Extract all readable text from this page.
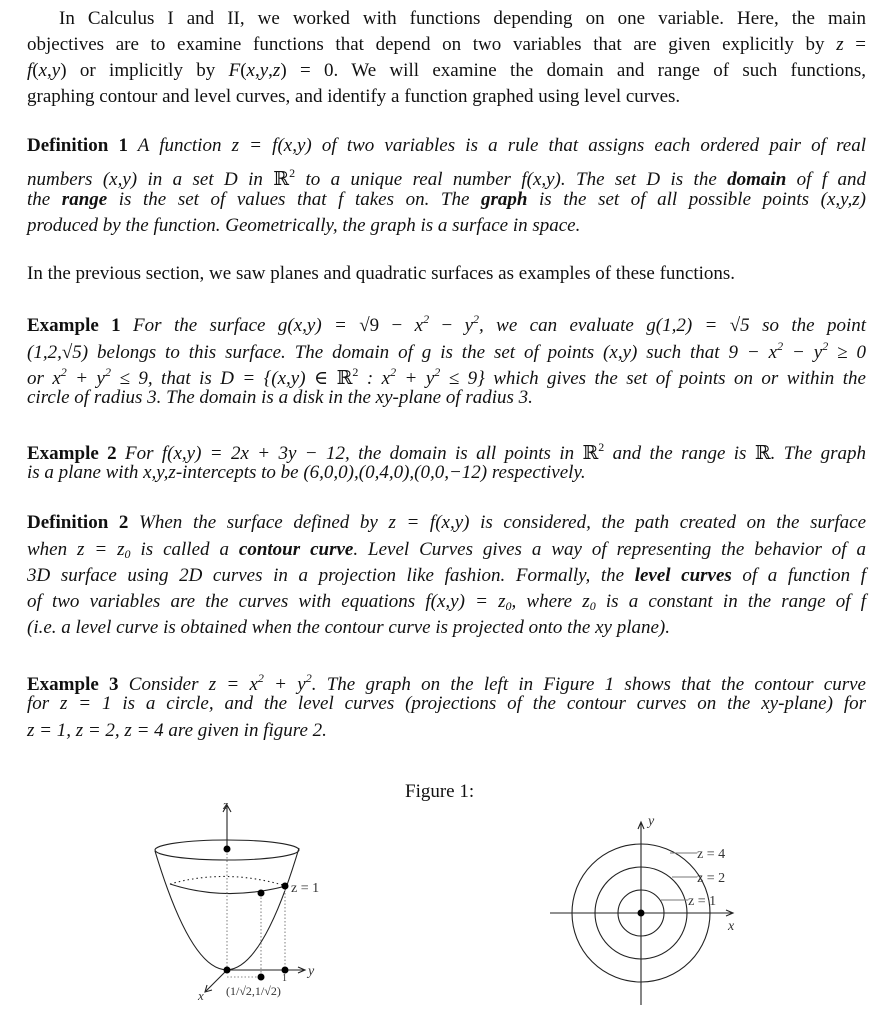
In Calculus I and II, we worked with functions depending on one variable. Here, the main
objectives are to examine functions that depend on two variables that are given explicitly by z =
f(x,y) or implicitly by F(x,y,z) = 0. We will examine the domain and range of such functions,
graphing contour and level curves, and identify a function graphed using level curves.
Definition 1 A function z = f(x,y) of two variables is a rule that assigns each ordered pair of real
numbers (x,y) in a set D in ℝ$^2$ to a unique real number f(x,y). The set D is the domain of f and
the range is the set of values that f takes on. The graph is the set of all possible points (x,y,z)
produced by the function. Geometrically, the graph is a surface in space.
In the previous section, we saw planes and quadratic surfaces as examples of these functions.
Example 1 For the surface $g(x,y) = √9 - x^2 - y^2$, we can evaluate g(1,2) = √5 so the point
(1,2,√5) belongs to this surface. The domain of g is the set of points (x,y) such that $9 - x^2 - y^2 \ge 0$
or $x^2 + y^2 \le 9$, that is D = {(x,y) ∈ ℝ$^2$ : $x^2 + y^2 \le 9$} which gives the set of points on or within the
circle of radius 3. The domain is a disk in the xy-plane of radius 3.
Example 2 For f(x,y) = 2x + 3y − 12, the domain is all points in ℝ$^2$ and the range is ℝ. The graph
is a plane with x,y,z-intercepts to be (6,0,0),(0,4,0),(0,0,−12) respectively.
Definition 2 When the surface defined by z = f(x,y) is considered, the path created on the surface
when z = z0 is called a contour curve. Level Curves gives a way of representing the behavior of a
3D surface using 2D curves in a projection like fashion. Formally, the level curves of a function f
of two variables are the curves with equations f(x,y) = z0, where z0 is a constant in the range of f
(i.e. a level curve is obtained when the contour curve is projected onto the xy plane).
Example 3 Consider $z = x^2 + y^2$. The graph on the left in Figure 1 shows that the contour curve
for z = 1 is a circle, and the level curves (projections of the contour curves on the xy-plane) for
z = 1, z = 2, z = 4 are given in figure 2.
Figure 1:
z
y
x
z = 1
(1/√2,1/√2)
1
y
x
z = 4
z = 2
z = 1
